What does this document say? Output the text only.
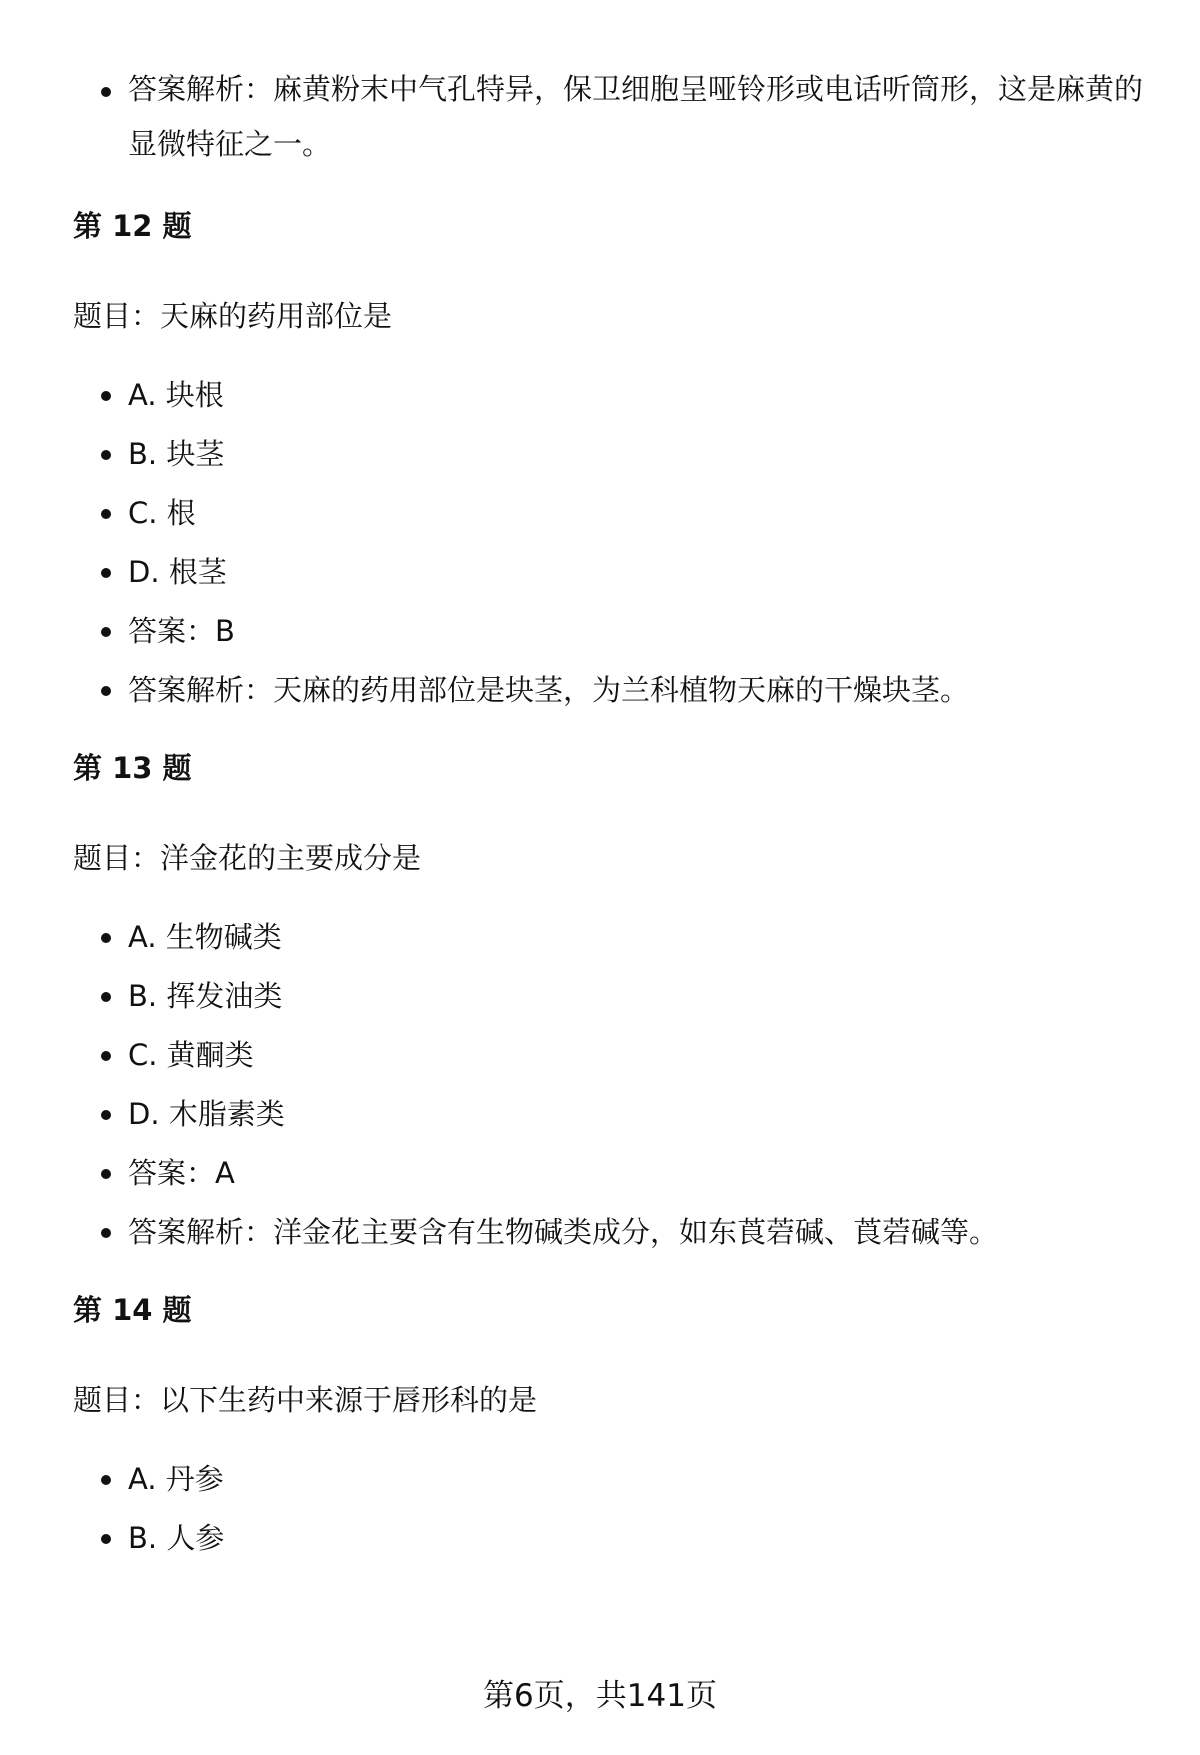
答案解析：麻黄粉末中气孔特异，保卫细胞呈哑铃形或电话听筒形，这是麻黄的显微特征之一。
第 12 题

题目：天麻的药用部位是

A. 块根
B. 块茎
C. 根
D. 根茎
答案：B
答案解析：天麻的药用部位是块茎，为兰科植物天麻的干燥块茎。
第 13 题

题目：洋金花的主要成分是

A. 生物碱类
B. 挥发油类
C. 黄酮类
D. 木脂素类
答案：A
答案解析：洋金花主要含有生物碱类成分，如东莨菪碱、莨菪碱等。
第 14 题

题目：以下生药中来源于唇形科的是

A. 丹参
B. 人参
第6页，共141页
